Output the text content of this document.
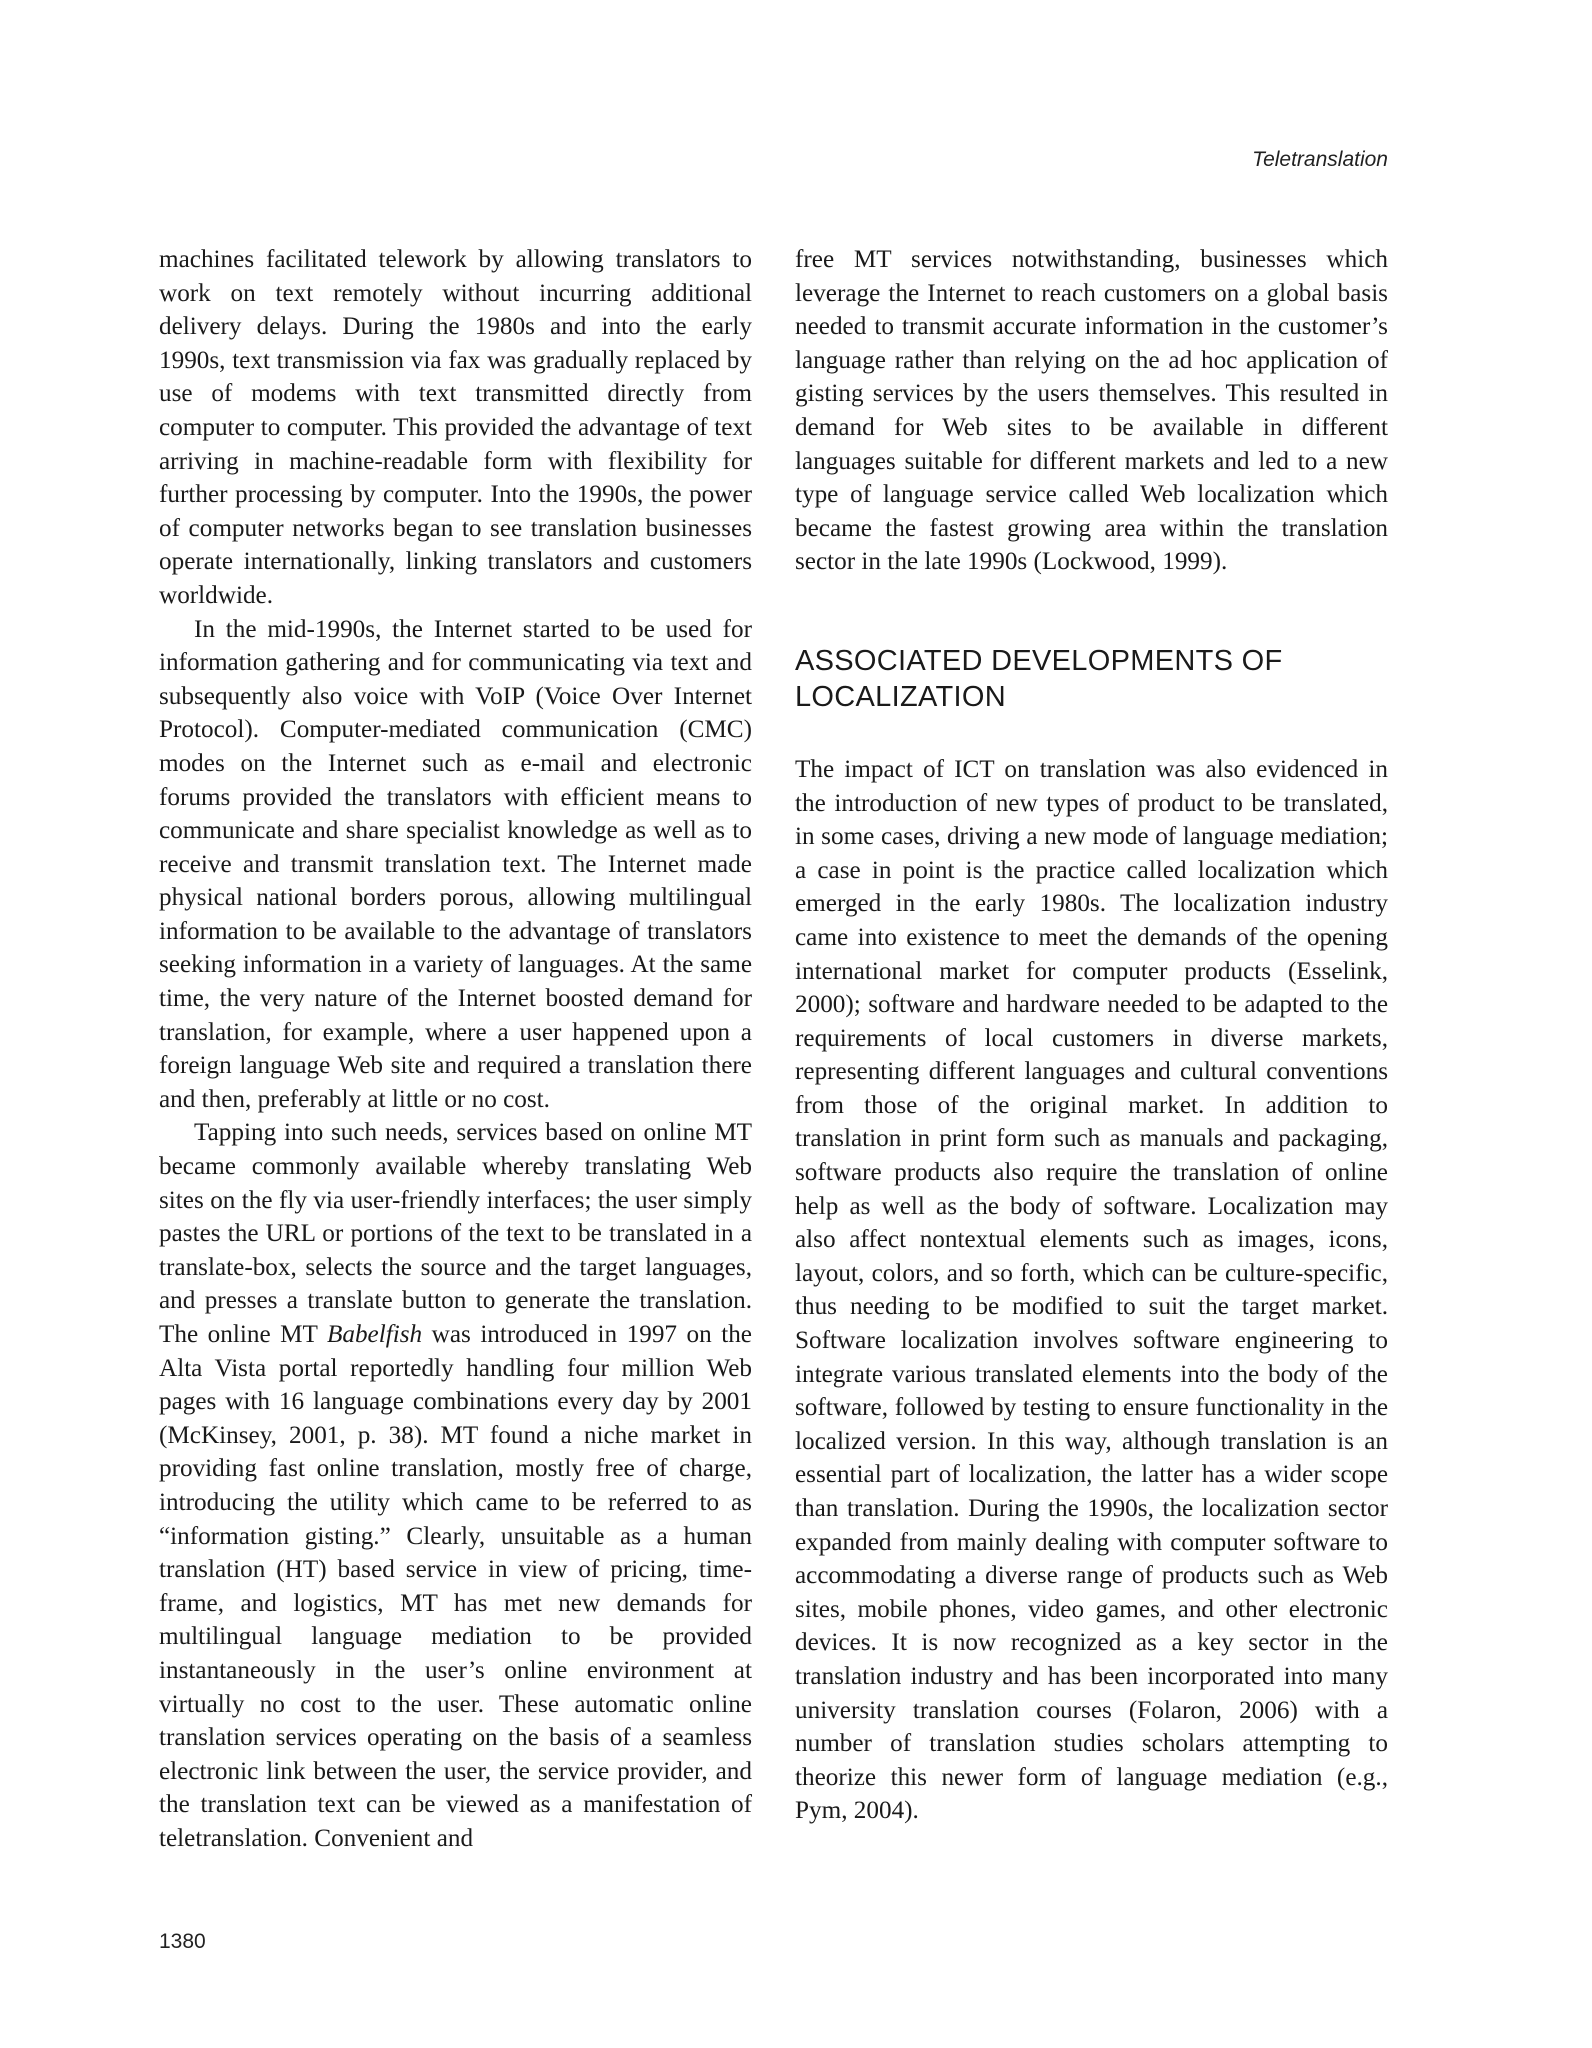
Teletranslation

machines facilitated telework by allowing translators to work on text remotely without incurring additional delivery delays. During the 1980s and into the early 1990s, text transmission via fax was gradually replaced by use of modems with text transmitted directly from computer to computer. This provided the advantage of text arriving in machine-readable form with flexibility for further processing by computer. Into the 1990s, the power of computer networks began to see translation businesses operate internationally, linking translators and customers worldwide.

In the mid-1990s, the Internet started to be used for information gathering and for communicating via text and subsequently also voice with VoIP (Voice Over Internet Protocol). Computer-mediated communication (CMC) modes on the Internet such as e-mail and electronic forums provided the translators with efficient means to communicate and share specialist knowledge as well as to receive and transmit translation text. The Internet made physical national borders porous, allowing multilingual information to be available to the advantage of translators seeking information in a variety of languages. At the same time, the very nature of the Internet boosted demand for translation, for example, where a user happened upon a foreign language Web site and required a translation there and then, preferably at little or no cost.

Tapping into such needs, services based on online MT became commonly available whereby translating Web sites on the fly via user-friendly interfaces; the user simply pastes the URL or portions of the text to be translated in a translate-box, selects the source and the target languages, and presses a translate button to generate the translation. The online MT Babelfish was introduced in 1997 on the Alta Vista portal reportedly handling four million Web pages with 16 language combinations every day by 2001 (McKinsey, 2001, p. 38). MT found a niche market in providing fast online translation, mostly free of charge, introducing the utility which came to be referred to as “information gisting.” Clearly, unsuitable as a human translation (HT) based service in view of pricing, time-frame, and logistics, MT has met new demands for multilingual language mediation to be provided instantaneously in the user’s online environment at virtually no cost to the user. These automatic online translation services operating on the basis of a seamless electronic link between the user, the service provider, and the translation text can be viewed as a manifestation of teletranslation. Convenient and

free MT services notwithstanding, businesses which leverage the Internet to reach customers on a global basis needed to transmit accurate information in the customer’s language rather than relying on the ad hoc application of gisting services by the users themselves. This resulted in demand for Web sites to be available in different languages suitable for different markets and led to a new type of language service called Web localization which became the fastest growing area within the translation sector in the late 1990s (Lockwood, 1999).

ASSOCIATED DEVELOPMENTS OF LOCALIZATION

The impact of ICT on translation was also evidenced in the introduction of new types of product to be translated, in some cases, driving a new mode of language mediation; a case in point is the practice called localization which emerged in the early 1980s. The localization industry came into existence to meet the demands of the opening international market for computer products (Esselink, 2000); software and hardware needed to be adapted to the requirements of local customers in diverse markets, representing different languages and cultural conventions from those of the original market. In addition to translation in print form such as manuals and packaging, software products also require the translation of online help as well as the body of software. Localization may also affect nontextual elements such as images, icons, layout, colors, and so forth, which can be culture-specific, thus needing to be modified to suit the target market. Software localization involves software engineering to integrate various translated elements into the body of the software, followed by testing to ensure functionality in the localized version. In this way, although translation is an essential part of localization, the latter has a wider scope than translation. During the 1990s, the localization sector expanded from mainly dealing with computer software to accommodating a diverse range of products such as Web sites, mobile phones, video games, and other electronic devices. It is now recognized as a key sector in the translation industry and has been incorporated into many university translation courses (Folaron, 2006) with a number of translation studies scholars attempting to theorize this newer form of language mediation (e.g., Pym, 2004).

1380
